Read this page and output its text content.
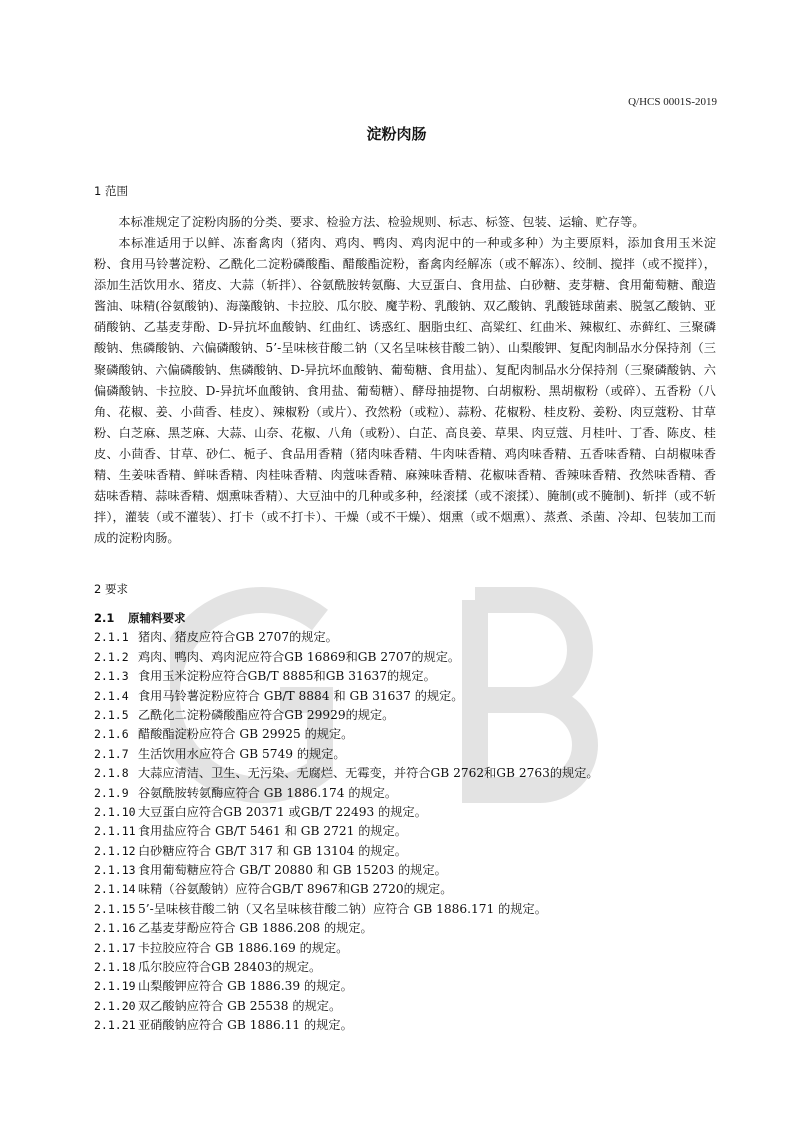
Q/HCS 0001S-2019
淀粉肉肠
1 范围

本标准规定了淀粉肉肠的分类、要求、检验方法、检验规则、标志、标签、包装、运输、贮存等。

本标准适用于以鲜、冻畜禽肉（猪肉、鸡肉、鸭肉、鸡肉泥中的一种或多种）为主要原料，添加食用玉米淀粉、食用马铃薯淀粉、乙酰化二淀粉磷酸酯、醋酸酯淀粉，畜禽肉经解冻（或不解冻）、绞制、搅拌（或不搅拌），添加生活饮用水、猪皮、大蒜（斩拌）、谷氨酰胺转氨酶、大豆蛋白、食用盐、白砂糖、麦芽糖、食用葡萄糖、酿造酱油、味精(谷氨酸钠)、海藻酸钠、卡拉胶、瓜尔胶、魔芋粉、乳酸钠、双乙酸钠、乳酸链球菌素、脱氢乙酸钠、亚硝酸钠、乙基麦芽酚、D-异抗坏血酸钠、红曲红、诱惑红、胭脂虫红、高粱红、红曲米、辣椒红、赤藓红、三聚磷酸钠、焦磷酸钠、六偏磷酸钠、5’-呈味核苷酸二钠（又名呈味核苷酸二钠）、山梨酸钾、复配肉制品水分保持剂（三聚磷酸钠、六偏磷酸钠、焦磷酸钠、D-异抗坏血酸钠、葡萄糖、食用盐）、复配肉制品水分保持剂（三聚磷酸钠、六偏磷酸钠、卡拉胶、D-异抗坏血酸钠、食用盐、葡萄糖）、酵母抽提物、白胡椒粉、黑胡椒粉（或碎）、五香粉（八角、花椒、姜、小茴香、桂皮）、辣椒粉（或片）、孜然粉（或粒）、蒜粉、花椒粉、桂皮粉、姜粉、肉豆蔻粉、甘草粉、白芝麻、黑芝麻、大蒜、山奈、花椒、八角（或粉）、白芷、高良姜、草果、肉豆蔻、月桂叶、丁香、陈皮、桂皮、小茴香、甘草、砂仁、栀子、食品用香精（猪肉味香精、牛肉味香精、鸡肉味香精、五香味香精、白胡椒味香精、生姜味香精、鲜味香精、肉桂味香精、肉蔻味香精、麻辣味香精、花椒味香精、香辣味香精、孜然味香精、香菇味香精、蒜味香精、烟熏味香精）、大豆油中的几种或多种，经滚揉（或不滚揉）、腌制(或不腌制)、斩拌（或不斩拌），灌装（或不灌装）、打卡（或不打卡）、干燥（或不干燥）、烟熏（或不烟熏）、蒸煮、杀菌、冷却、包装加工而成的淀粉肉肠。

2 要求
2.1 原辅料要求
2.1.1 猪肉、猪皮应符合GB 2707的规定。
2.1.2 鸡肉、鸭肉、鸡肉泥应符合GB 16869和GB 2707的规定。
2.1.3 食用玉米淀粉应符合GB/T 8885和GB 31637的规定。
2.1.4 食用马铃薯淀粉应符合 GB/T 8884 和 GB 31637 的规定。
2.1.5 乙酰化二淀粉磷酸酯应符合GB 29929的规定。
2.1.6 醋酸酯淀粉应符合 GB 29925 的规定。
2.1.7 生活饮用水应符合 GB 5749 的规定。
2.1.8 大蒜应清洁、卫生、无污染、无腐烂、无霉变，并符合GB 2762和GB 2763的规定。
2.1.9 谷氨酰胺转氨酶应符合 GB 1886.174 的规定。
2.1.10 大豆蛋白应符合GB 20371 或GB/T 22493 的规定。
2.1.11 食用盐应符合 GB/T 5461 和 GB 2721 的规定。
2.1.12 白砂糖应符合 GB/T 317 和 GB 13104 的规定。
2.1.13 食用葡萄糖应符合 GB/T 20880 和 GB 15203 的规定。
2.1.14 味精（谷氨酸钠）应符合GB/T 8967和GB 2720的规定。
2.1.15 5’-呈味核苷酸二钠（又名呈味核苷酸二钠）应符合 GB 1886.171 的规定。
2.1.16 乙基麦芽酚应符合 GB 1886.208 的规定。
2.1.17 卡拉胶应符合 GB 1886.169 的规定。
2.1.18 瓜尔胶应符合GB 28403的规定。
2.1.19 山梨酸钾应符合 GB 1886.39 的规定。
2.1.20 双乙酸钠应符合 GB 25538 的规定。
2.1.21 亚硝酸钠应符合 GB 1886.11 的规定。
